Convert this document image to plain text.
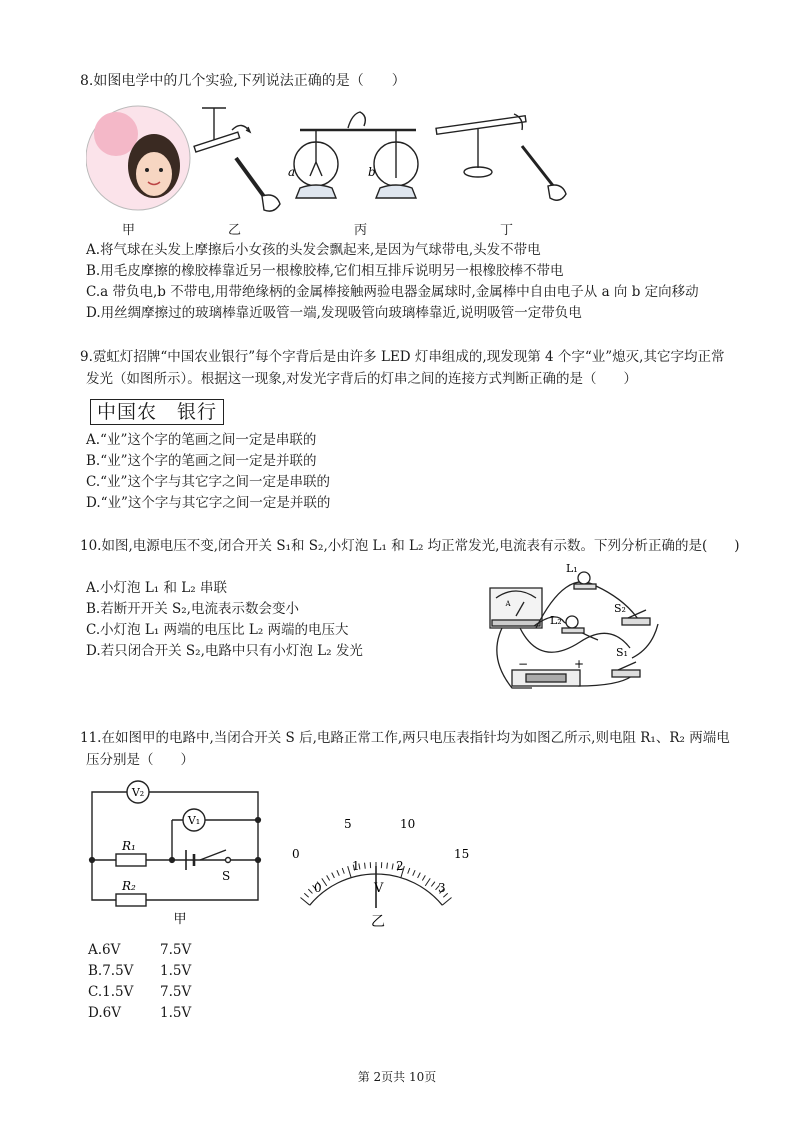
8.如图电学中的几个实验,下列说法正确的是（　　）
a	b
甲	乙	丙	丁
A.将气球在头发上摩擦后小女孩的头发会飘起来,是因为气球带电,头发不带电
B.用毛皮摩擦的橡胶棒靠近另一根橡胶棒,它们相互排斥说明另一根橡胶棒不带电
C.a 带负电,b 不带电,用带绝缘柄的金属棒接触两验电器金属球时,金属棒中自由电子从 a 向 b 定向移动
D.用丝绸摩擦过的玻璃棒靠近吸管一端,发现吸管向玻璃棒靠近,说明吸管一定带负电
9.霓虹灯招牌“中国农业银行”每个字背后是由许多 LED 灯串组成的,现发现第 4 个字“业”熄灭,其它字均正常
发光（如图所示）。根据这一现象,对发光字背后的灯串之间的连接方式判断正确的是（　　）
中国农　银行
A.“业”这个字的笔画之间一定是串联的
B.“业”这个字的笔画之间一定是并联的
C.“业”这个字与其它字之间一定是串联的
D.“业”这个字与其它字之间一定是并联的
10.如图,电源电压不变,闭合开关 S₁和 S₂,小灯泡 L₁ 和 L₂ 均正常发光,电流表有示数。下列分析正确的是(　　)
A.小灯泡 L₁ 和 L₂ 串联
B.若断开开关 S₂,电流表示数会变小
C.小灯泡 L₁ 两端的电压比 L₂ 两端的电压大
D.若只闭合开关 S₂,电路中只有小灯泡 L₂ 发光
A
L₁
L₂
S₂
S₁
−	+
11.在如图甲的电路中,当闭合开关 S 后,电路正常工作,两只电压表指针均为如图乙所示,则电阻 R₁、R₂ 两端电
压分别是（　　）
V₂
V₁
R₁
R₂
S
甲
0
5	10
15
0
1	2
3
V
乙
A.6V	7.5V
B.7.5V	1.5V
C.1.5V	7.5V
D.6V	1.5V
第 2页共 10页
